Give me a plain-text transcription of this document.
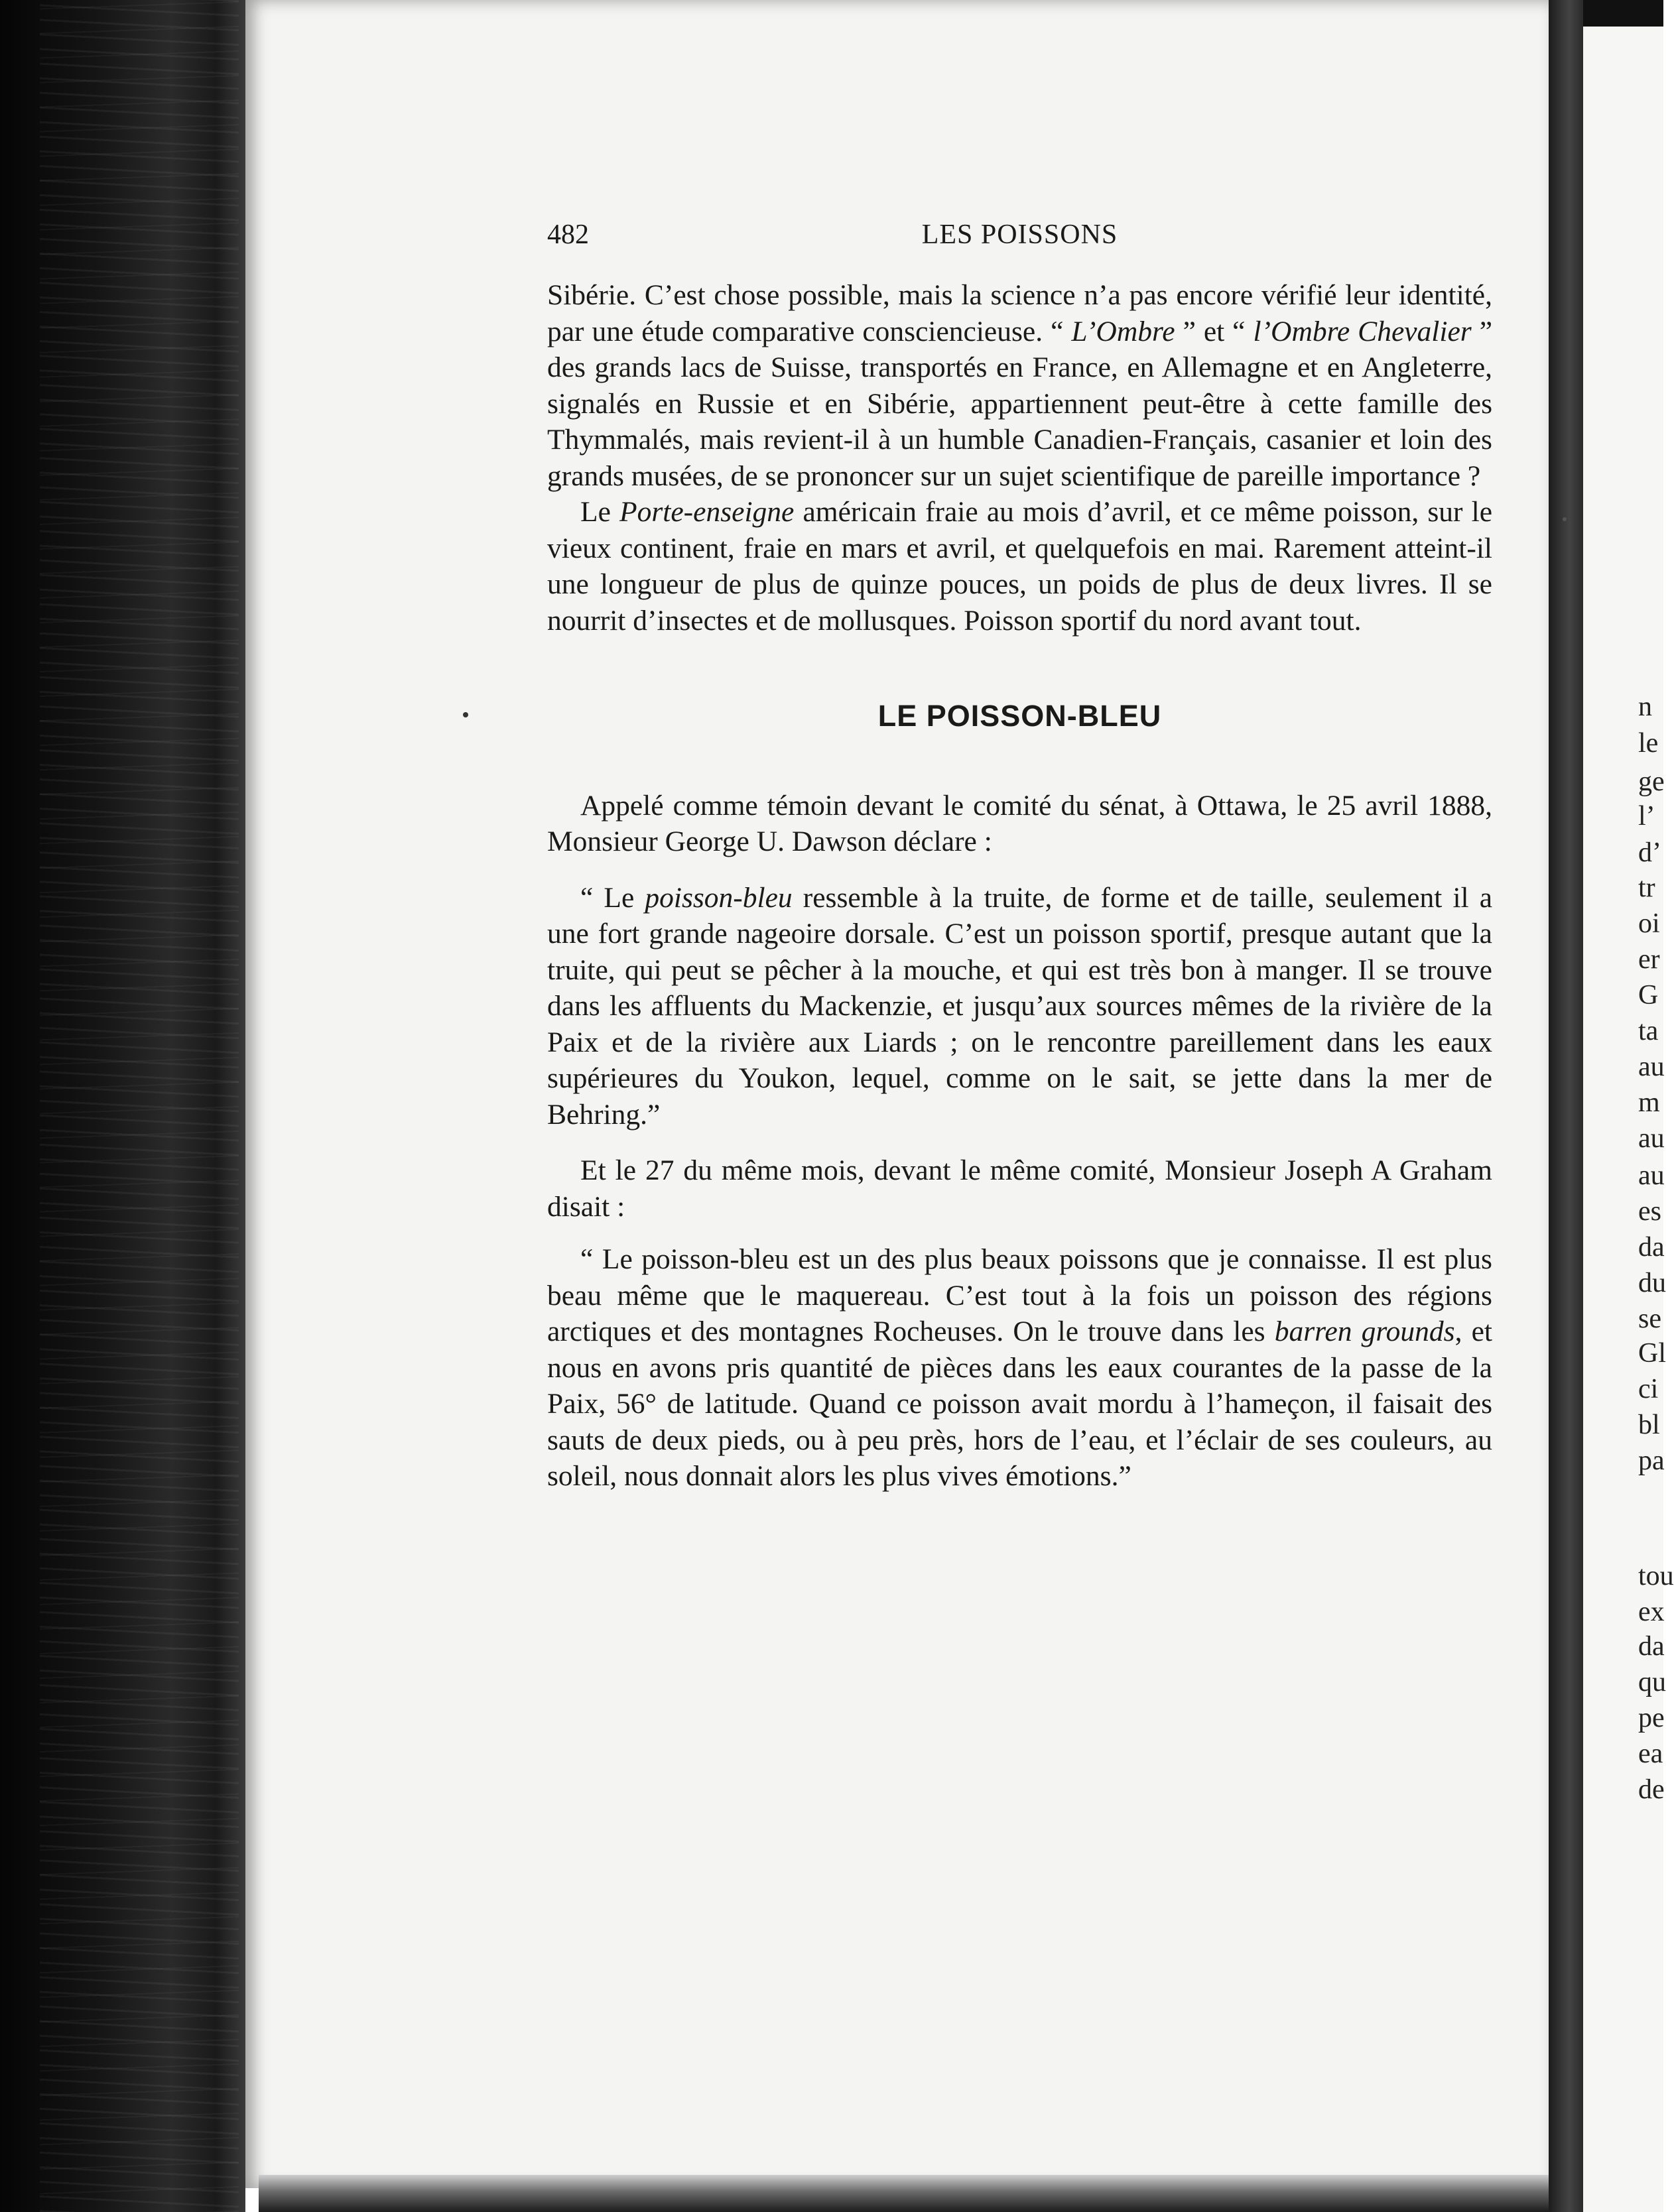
482	LES POISSONS

Sibérie. C’est chose possible, mais la science n’a pas encore vérifié leur identité, par une étude comparative consciencieuse. “ L’Ombre ” et “ l’Ombre Chevalier ” des grands lacs de Suisse, transportés en France, en Allemagne et en Angleterre, signalés en Russie et en Sibérie, appartiennent peut-être à cette famille des Thymmalés, mais revient-il à un humble Canadien-Français, casanier et loin des grands musées, de se prononcer sur un sujet scientifique de pareille importance ?

Le Porte-enseigne américain fraie au mois d’avril, et ce même poisson, sur le vieux continent, fraie en mars et avril, et quelquefois en mai. Rarement atteint-il une longueur de plus de quinze pouces, un poids de plus de deux livres. Il se nourrit d’insectes et de mollusques. Poisson sportif du nord avant tout.

LE POISSON-BLEU

Appelé comme témoin devant le comité du sénat, à Ottawa, le 25 avril 1888, Monsieur George U. Dawson déclare :

“ Le poisson-bleu ressemble à la truite, de forme et de taille, seulement il a une fort grande nageoire dorsale. C’est un poisson sportif, presque autant que la truite, qui peut se pêcher à la mouche, et qui est très bon à manger. Il se trouve dans les affluents du Mackenzie, et jusqu’aux sources mêmes de la rivière de la Paix et de la rivière aux Liards ; on le rencontre pareillement dans les eaux supérieures du Youkon, lequel, comme on le sait, se jette dans la mer de Behring.”

Et le 27 du même mois, devant le même comité, Monsieur Joseph A Graham disait :

“ Le poisson-bleu est un des plus beaux poissons que je connaisse. Il est plus beau même que le maquereau. C’est tout à la fois un poisson des régions arctiques et des montagnes Rocheuses. On le trouve dans les barren grounds, et nous en avons pris quantité de pièces dans les eaux courantes de la passe de la Paix, 56° de latitude. Quand ce poisson avait mordu à l’hameçon, il faisait des sauts de deux pieds, ou à peu près, hors de l’eau, et l’éclair de ses couleurs, au soleil, nous donnait alors les plus vives émotions.”

n
le
ge
l’
d’
tr
oi
er
G
ta
au
m
au
au
es
da
du
se
Gl
ci
bl
pa
tou
ex
da
qu
pe
ea
de
